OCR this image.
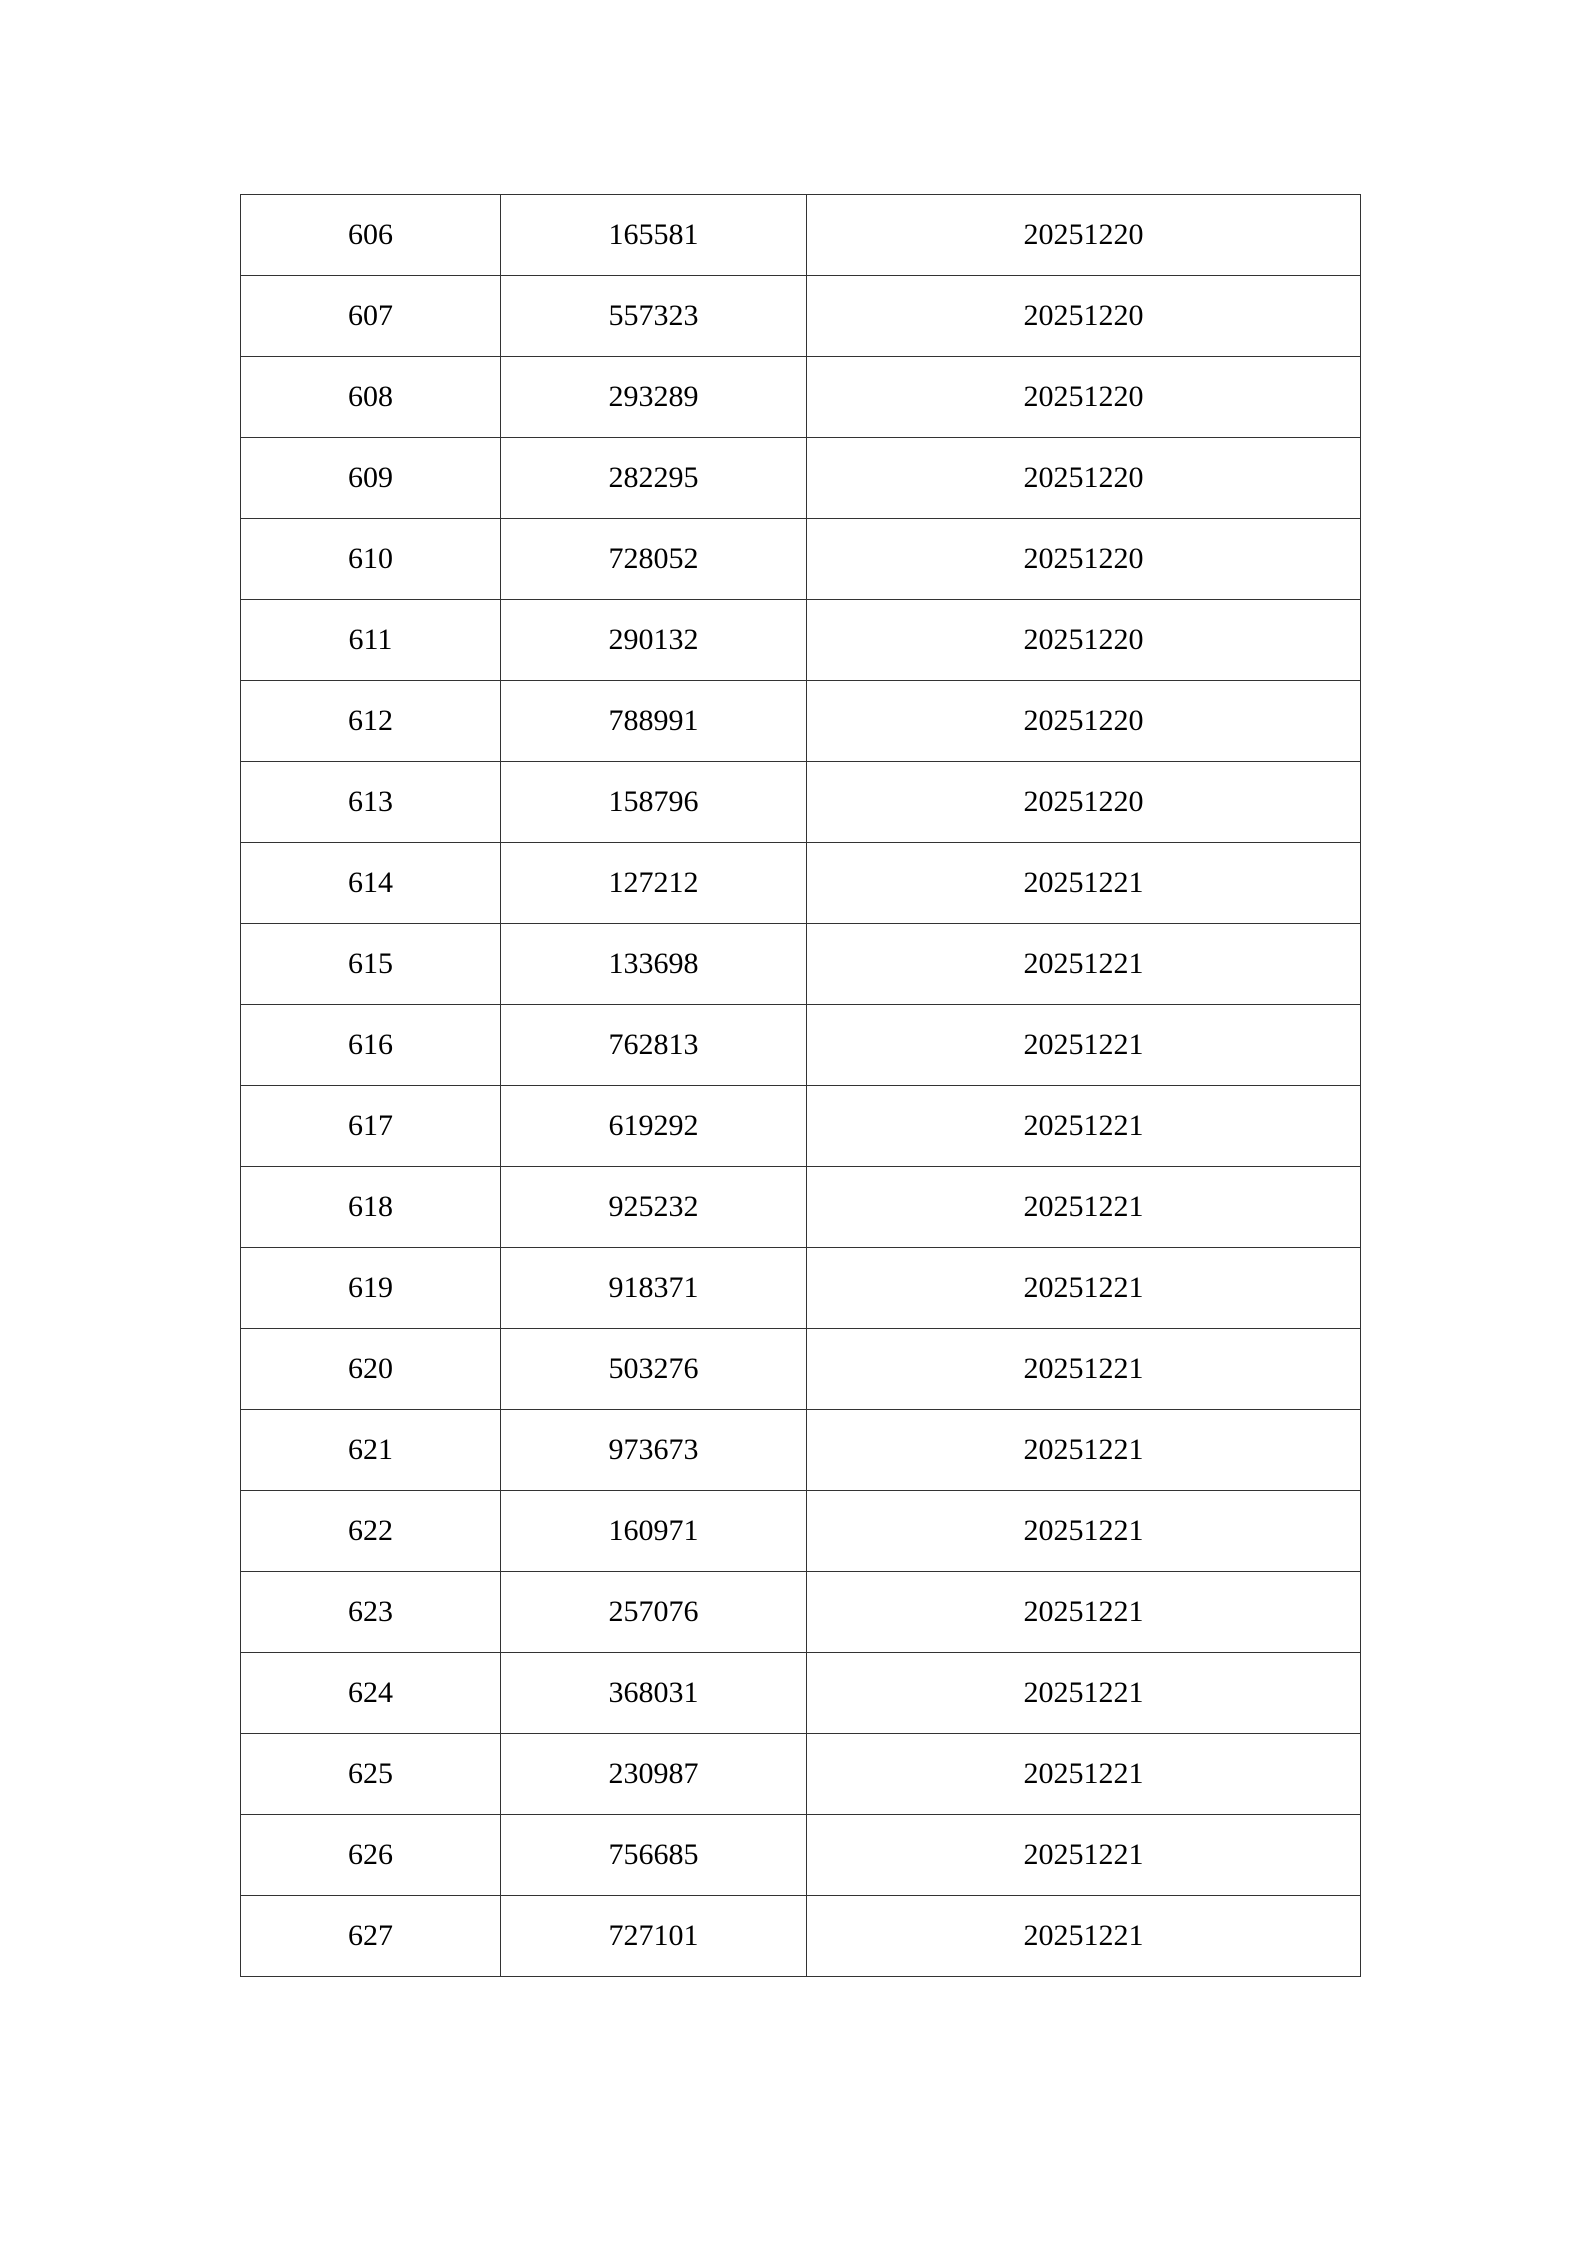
606	165581	20251220
607	557323	20251220
608	293289	20251220
609	282295	20251220
610	728052	20251220
611	290132	20251220
612	788991	20251220
613	158796	20251220
614	127212	20251221
615	133698	20251221
616	762813	20251221
617	619292	20251221
618	925232	20251221
619	918371	20251221
620	503276	20251221
621	973673	20251221
622	160971	20251221
623	257076	20251221
624	368031	20251221
625	230987	20251221
626	756685	20251221
627	727101	20251221
